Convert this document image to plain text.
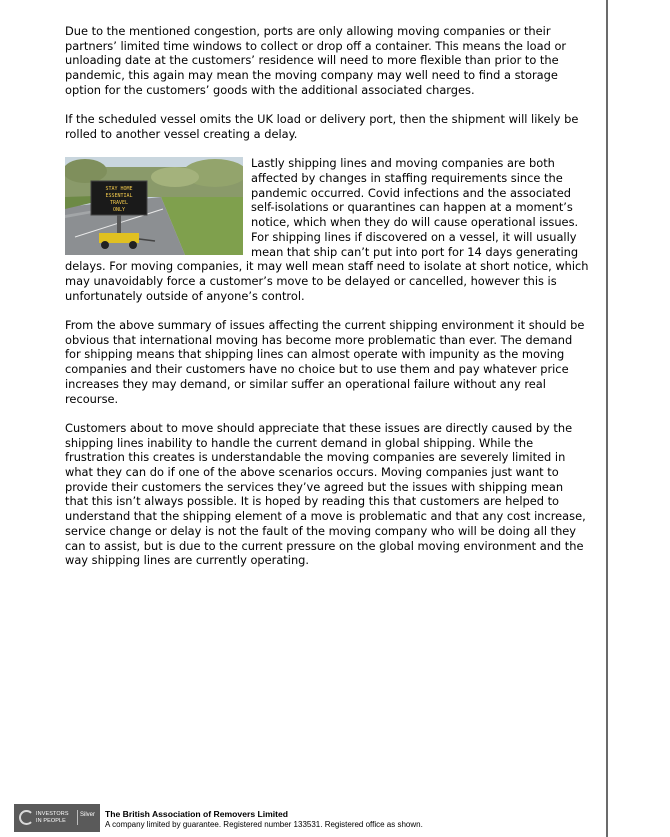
Due to the mentioned congestion, ports are only allowing moving companies or their partners’ limited time windows to collect or drop off a container. This means the load or unloading date at the customers’ residence will need to more flexible than prior to the pandemic, this again may mean the moving company may well need to find a storage option for the customers’ goods with the additional associated charges.

If the scheduled vessel omits the UK load or delivery port, then the shipment will likely be rolled to another vessel creating a delay.

STAY HOME
ESSENTIAL
TRAVEL
ONLY
Lastly shipping lines and moving companies are both affected by changes in staffing requirements since the pandemic occurred. Covid infections and the associated self-isolations or quarantines can happen at a moment’s notice, which when they do will cause operational issues. For shipping lines if discovered on a vessel, it will usually mean that ship can’t put into port for 14 days generating delays. For moving companies, it may well mean staff need to isolate at short notice, which may unavoidably force a customer’s move to be delayed or cancelled, however this is unfortunately outside of anyone’s control.

From the above summary of issues affecting the current shipping environment it should be obvious that international moving has become more problematic than ever. The demand for shipping means that shipping lines can almost operate with impunity as the moving companies and their customers have no choice but to use them and pay whatever price increases they may demand, or similar suffer an operational failure without any real recourse.

Customers about to move should appreciate that these issues are directly caused by the shipping lines inability to handle the current demand in global shipping. While the frustration this creates is understandable the moving companies are severely limited in what they can do if one of the above scenarios occurs. Moving companies just want to provide their customers the services they’ve agreed but the issues with shipping mean that this isn’t always possible. It is hoped by reading this that customers are helped to understand that the shipping element of a move is problematic and that any cost increase, service change or delay is not the fault of the moving company who will be doing all they can to assist, but is due to the current pressure on the global moving environment and the way shipping lines are currently operating.

INVESTORS
IN PEOPLE
Silver The British Association of Removers Limited
A company limited by guarantee. Registered number 133531. Registered office as shown.
